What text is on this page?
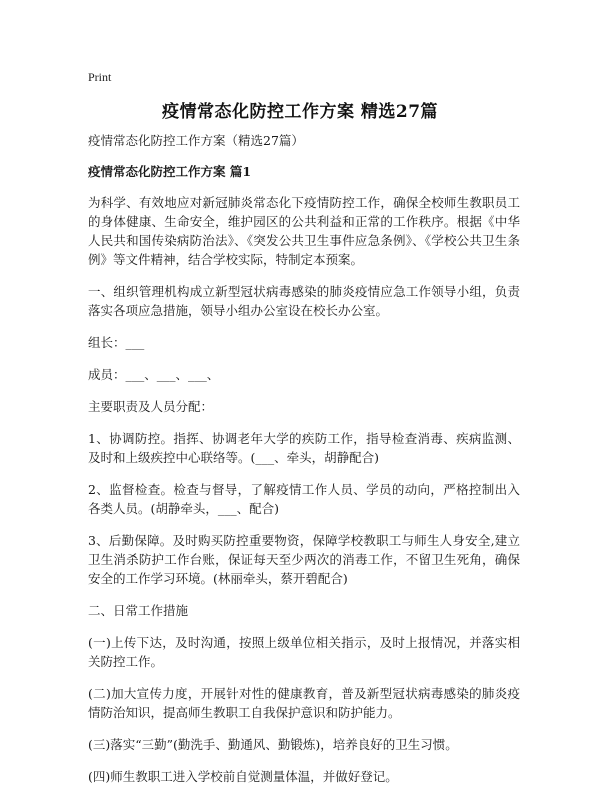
Print
疫情常态化防控工作方案 精选27篇
疫情常态化防控工作方案（精选27篇）
疫情常态化防控工作方案 篇1
为科学、有效地应对新冠肺炎常态化下疫情防控工作，确保全校师生教职员工的身体健康、生命安全，维护园区的公共利益和正常的工作秩序。根据《中华人民共和国传染病防治法》、《突发公共卫生事件应急条例》、《学校公共卫生条例》等文件精神，结合学校实际，特制定本预案。
一、组织管理机构成立新型冠状病毒感染的肺炎疫情应急工作领导小组，负责落实各项应急措施，领导小组办公室设在校长办公室。
组长：___
成员：___、___、___、
主要职责及人员分配：
1、协调防控。指挥、协调老年大学的疾防工作，指导检查消毒、疾病监测、及时和上级疾控中心联络等。(___、牵头，胡静配合)
2、监督检查。检查与督导，了解疫情工作人员、学员的动向，严格控制出入各类人员。(胡静牵头，___、配合)
3、后勤保障。及时购买防控重要物资，保障学校教职工与师生人身安全,建立卫生消杀防护工作台账，保证每天至少两次的消毒工作，不留卫生死角，确保安全的工作学习环境。(林丽牵头，蔡开碧配合)
二、日常工作措施
(一)上传下达，及时沟通，按照上级单位相关指示，及时上报情况，并落实相关防控工作。
(二)加大宣传力度，开展针对性的健康教育，普及新型冠状病毒感染的肺炎疫情防治知识，提高师生教职工自我保护意识和防护能力。
(三)落实“三勤”(勤洗手、勤通风、勤锻炼)，培养良好的卫生习惯。
(四)师生教职工进入学校前自觉测量体温，并做好登记。
